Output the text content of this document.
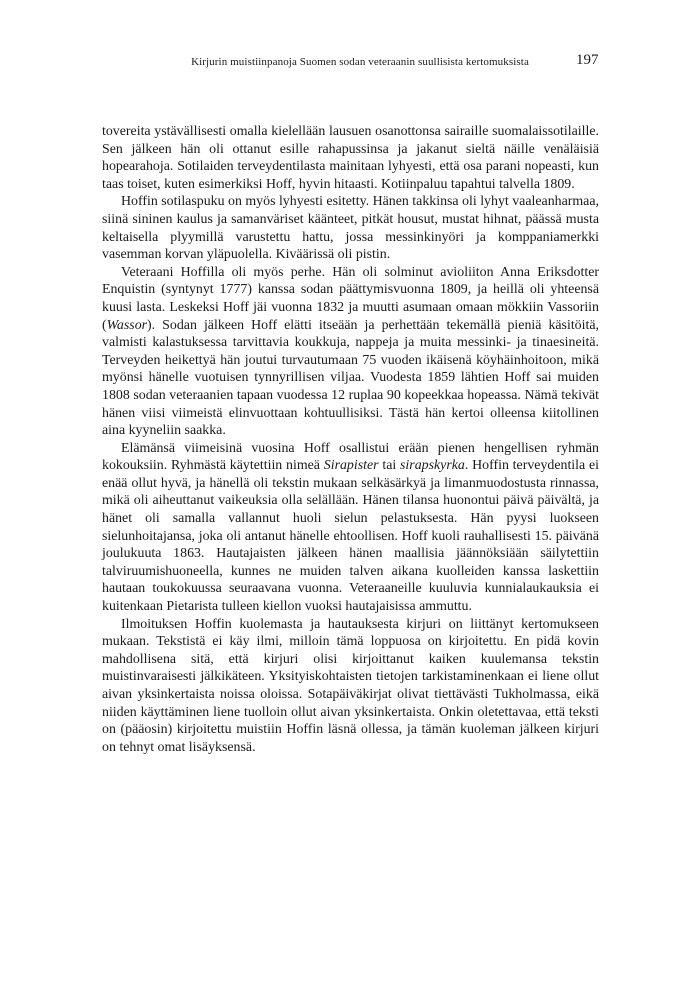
Kirjurin muistiinpanoja Suomen sodan veteraanin suullisista kertomuksista	197

tovereita ystävällisesti omalla kielellään lausuen osanottonsa sairaille suomalaissotilaille. Sen jälkeen hän oli ottanut esille rahapussinsa ja jakanut sieltä näille venäläisiä hopearahoja. Sotilaiden terveydentilasta mainitaan lyhyesti, että osa parani nopeasti, kun taas toiset, kuten esimerkiksi Hoff, hyvin hitaasti. Kotiinpaluu tapahtui talvella 1809.

Hoffin sotilaspuku on myös lyhyesti esitetty. Hänen takkinsa oli lyhyt vaaleanharmaa, siinä sininen kaulus ja samanväriset käänteet, pitkät housut, mustat hihnat, päässä musta keltaisella plyymillä varustettu hattu, jossa messinkinyöri ja komppaniamerkki vasemman korvan yläpuolella. Kiväärissä oli pistin.

Veteraani Hoffilla oli myös perhe. Hän oli solminut avioliiton Anna Eriksdotter Enquistin (syntynyt 1777) kanssa sodan päättymisvuonna 1809, ja heillä oli yhteensä kuusi lasta. Leskeksi Hoff jäi vuonna 1832 ja muutti asumaan omaan mökkiin Vassoriin (Wassor). Sodan jälkeen Hoff elätti itseään ja perhettään tekemällä pieniä käsitöitä, valmisti kalastuksessa tarvittavia koukkuja, nappeja ja muita messinki- ja tinaesineitä. Terveyden heikettyä hän joutui turvautumaan 75 vuoden ikäisenä köyhäinhoitoon, mikä myönsi hänelle vuotuisen tynnyrillisen viljaa. Vuodesta 1859 lähtien Hoff sai muiden 1808 sodan veteraanien tapaan vuodessa 12 ruplaa 90 kopeekkaa hopeassa. Nämä tekivät hänen viisi viimeistä elinvuottaan kohtuullisiksi. Tästä hän kertoi olleensa kiitollinen aina kyyneliin saakka.

Elämänsä viimeisinä vuosina Hoff osallistui erään pienen hengellisen ryhmän kokouksiin. Ryhmästä käytettiin nimeä Sirapister tai sirapskyrka. Hoffin terveydentila ei enää ollut hyvä, ja hänellä oli tekstin mukaan selkäsärkyä ja limanmuodostusta rinnassa, mikä oli aiheuttanut vaikeuksia olla selällään. Hänen tilansa huonontui päivä päivältä, ja hänet oli samalla vallannut huoli sielun pelastuksesta. Hän pyysi luokseen sielunhoitajansa, joka oli antanut hänelle ehtoollisen. Hoff kuoli rauhallisesti 15. päivänä joulukuuta 1863. Hautajaisten jälkeen hänen maallisia jäännöksiään säilytettiin talviruumishuoneella, kunnes ne muiden talven aikana kuolleiden kanssa laskettiin hautaan toukokuussa seuraavana vuonna. Veteraaneille kuuluvia kunnialaukauksia ei kuitenkaan Pietarista tulleen kiellon vuoksi hautajaisissa ammuttu.

Ilmoituksen Hoffin kuolemasta ja hautauksesta kirjuri on liittänyt kertomukseen mukaan. Tekstistä ei käy ilmi, milloin tämä loppuosa on kirjoitettu. En pidä kovin mahdollisena sitä, että kirjuri olisi kirjoittanut kaiken kuulemansa tekstin muistinvaraisesti jälkikäteen. Yksityiskohtaisten tietojen tarkistaminenkaan ei liene ollut aivan yksinkertaista noissa oloissa. Sotapäiväkirjat olivat tiettävästi Tukholmassa, eikä niiden käyttäminen liene tuolloin ollut aivan yksinkertaista. Onkin oletettavaa, että teksti on (pääosin) kirjoitettu muistiin Hoffin läsnä ollessa, ja tämän kuoleman jälkeen kirjuri on tehnyt omat lisäyksensä.
